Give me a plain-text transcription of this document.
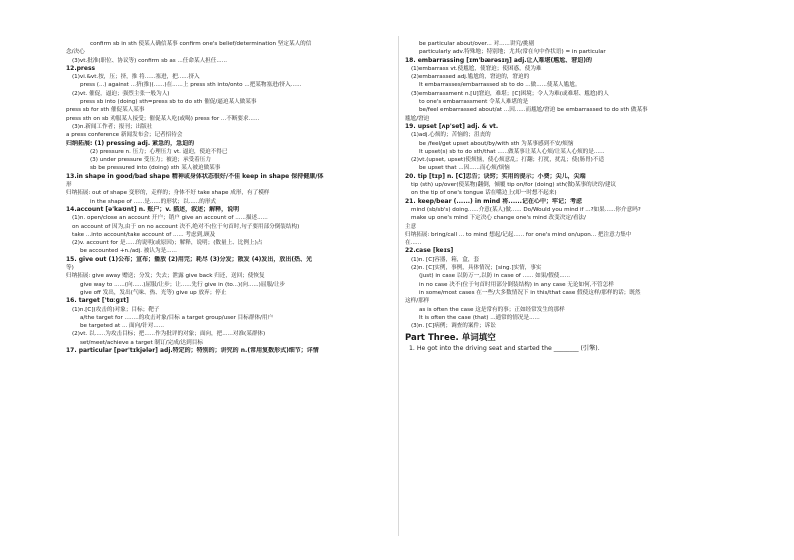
confirm sb in sth 使某人确信某事 confirm one's belief/determination 坚定某人的信
念/决心
(3)vt.批准(职位、协议等) confirm sb as ...任命某人担任......
12.press
(1)vi.&vt.按，压；挤，推 将......塞进，把......挤入
press (...) against ...挤(推)(......)在......上 press sth into/onto ...把某物塞进/挤入......
(2)vt. 催促，逼迫；强烈主张一般为人)
press sb into (doing) sth=press sb to do sth 催促/逼迫某人做某事
press sb for sth 催促某人某事
press sth on sb 劝服某人接受；催促某人吃(或喝) press for ...不断要求......
(3)n.新闻工作者；报刊；出版社
a press conference 新闻发布会；记者招待会
归纳拓展: (1) pressing adj. 紧急的，急迫的
(2) pressure n. 压力；心理压力 vt. 逼迫，使迫不得已
(3) under pressure 受压力；被迫；承受着压力
sb be pressured into (doing) sth 某人被迫做某事
13.in shape in good/bad shape 精神或身体状态很好/不佳 keep in shape 保持健康/体
形
归纳拓展: out of shape 变形的，走样的；身体不好 take shape 成形，有了模样
in the shape of ......是......的形状；以......的形式
14.account [ə'kaʊnt] n. 账户；v. 描述，叙述；解释，说明
(1)n. open/close an account 开户；销户 give an account of ......描述......
on account of 因为,由于 on no account 决不,绝对不(位于句首时,句子要用部分倒装结构)
take ...into account/take account of ...... 考虑到,顾及
(2)v. account for 是......的说明(或原因)；解释，说明；(数量上、比例上)占
be accounted +n./adj. 被认为是......
15. give out (1)公布；宣布；播放 (2)用完；耗尽 (3)分发；散发 (4)发出，放出(热、光
等)
归纳拓展: give away 赠送；分发；失去；泄露 give back 归还，送回；使恢复
give way to ......(向......)屈服/让步；让......先行 give in (to...)(向......)屈服/让步
give off 发出，发出(气味、热、光等) give up 放弃；停止
16. target ['tɑːɡɪt]
(1)n.[C](攻击的)对象；目标；靶子
a/the target for ........的攻击对象/目标 a target group/user 目标群体/用户
be targeted at ... 面向/针对......
(2)vt. 以......为攻击目标；把......作为批评的对象；面向，把......对准(某群体)
set/meet/achieve a target 制订/完成/达到目标
17. particular [pər'tɪkjələr] adj.特定的；特别的；讲究的 n.(常用复数形式)细节；详情
be particular about/over... 对......讲究/挑剔
particularly adv.特殊地；特别地；尤其(常在句中作状语) = in particular
18. embarrassing [ɪm'bærəsɪŋ] adj.让人难堪(尴尬、窘迫)的
(1)embarrass vt.使尴尬，使窘迫；使困惑，使为难
(2)embarrassed adj.尴尬的，窘迫的，窘迫的
It embarrasses/embarrassed sb to do ...做......使某人尴尬。
(3)embarrassment n.[U]窘迫，难堪；[C]困境；令人为难(或难堪、尴尬)的人
to one's embarrassment 令某人难堪的是
be/feel embarrassed about/at ...因......而尴尬/窘迫 be embarrassed to do sth 做某事
尴尬/窘迫
19. upset [ʌp'set] adj. & vt.
(1)adj.心烦的；苦恼的；沮丧的
be /feel/get upset about/by/with sth 为某事感到不安/烦恼
It upset(s) sb to do sth/that ......做某事让某人心烦/让某人心烦的是......
(2)vt.(upset, upset)使烦恼，使心烦意乱；打翻；打扰，扰乱；使(肠胃)不适
be upset that ...因......而心烦/烦恼
20. tip [tɪp] n. [C]忠告；诀窍；实用的提示；小费；尖儿，尖端
tip (sth) up/over(使某物)翻倒，倾覆 tip on/for (doing) sth(做)某事的诀窍/建议
on the tip of one's tongue 话在嘴边上(却一时想不起来)
21. keep/bear (......) in mind 将......记在心中；牢记；考虑
mind (sb/sb's) doing......介意(某人)做...... Do/Would you mind if ...?如果......你介意吗?
make up one's mind 下定决心 change one's mind 改变决定/看法/
主意
归纳拓展: bring/call ... to mind 想起/记起...... for one's mind on/upon... 把注意力集中
在......
22.case [keɪs]
(1)n. [C]容器，箱，盒，套
(2)n. [C]实例，事例，具体情况；[sing.]实情，事实
(just) in case 以防万一,以防 in case of ...... 如果/假使......
in no case 决不(位于句首时用部分倒装结构) in any case 无论如何,不管怎样
in some/most cases 在一些/大多数情况下 in this/that case 假使这样/那样的话；既然
这样/那样
as is often the case 这是常有的事；正如经常发生的那样
It is often the case (that) ...通常的情况是......
(3)n. [C]病例；调查的案件；诉讼
Part Three. 单词填空
1. He got into the driving seat and started the ________ (引擎).
